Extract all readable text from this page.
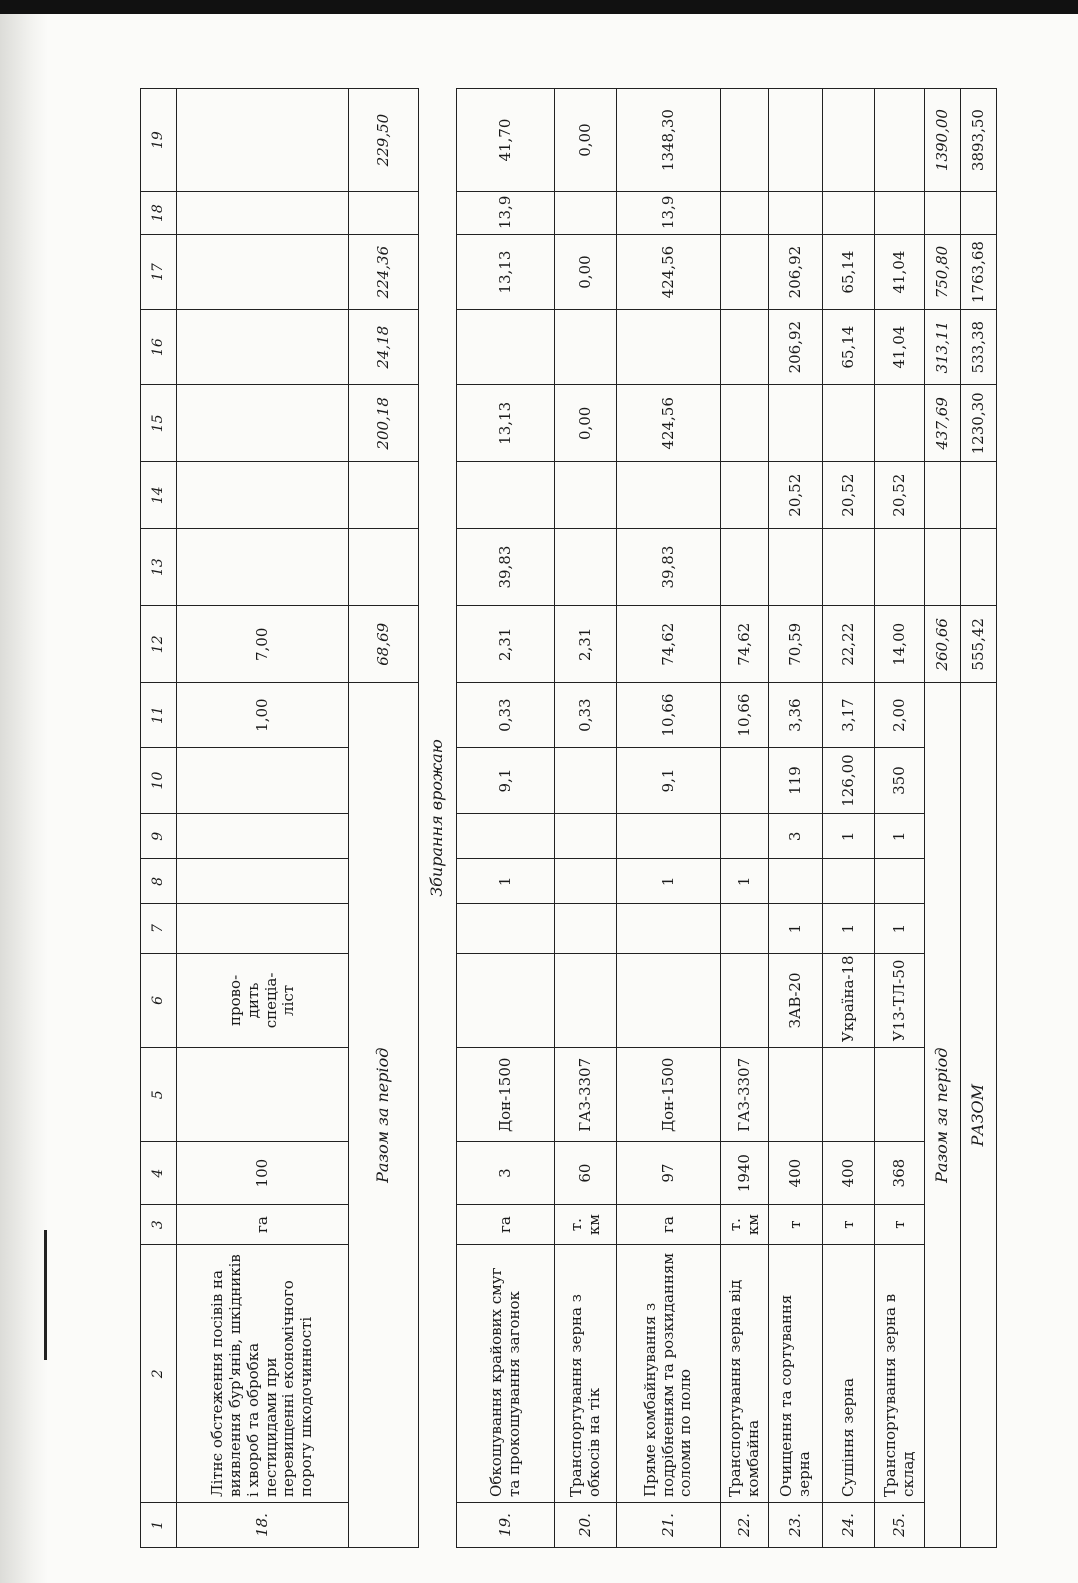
1	2	3	4	5	6	7	8	9	10	11	12	13	14	15	16	17	18	19
18.	Літнє обстеження посівів на виявлення бур'янів, шкідників і хвороб та обробка пестицидами при перевищенні економічного порогу шкодочинності	га	100		прово-дить спеціа-ліст					1,00	7,00							
Разом за період											68,69			200,18	24,18	224,36		229,50
Збирання врожаю																		
19.	Обкошування крайових смуг та прокошування загонок	га	3	Дон-1500			1		9,1	0,33	2,31	39,83		13,13		13,13	13,9	41,70
20.	Транспортування зерна з обкосів на тік	т. км	60	ГАЗ-3307						0,33	2,31			0,00		0,00		0,00
21.	Пряме комбайнування з подрібненням та розкиданням соломи по полю	га	97	Дон-1500			1		9,1	10,66	74,62	39,83		424,56		424,56	13,9	1348,30
22.	Транспортування зерна від комбайна	т. км	1940	ГАЗ-3307			1			10,66	74,62							
23.	Очищення та сортування зерна	т	400		ЗАВ-20	1		3	119	3,36	70,59		20,52		206,92	206,92		
24.	Сушіння зерна	т	400		Україна-18	1		1	126,00	3,17	22,22		20,52		65,14	65,14		
25.	Транспортування зерна в склад	т	368		У13-ТЛ-50	1		1	350	2,00	14,00		20,52		41,04	41,04		
Разом за період											260,66			437,69	313,11	750,80		1390,00
РАЗОМ											555,42			1230,30	533,38	1763,68		3893,50
